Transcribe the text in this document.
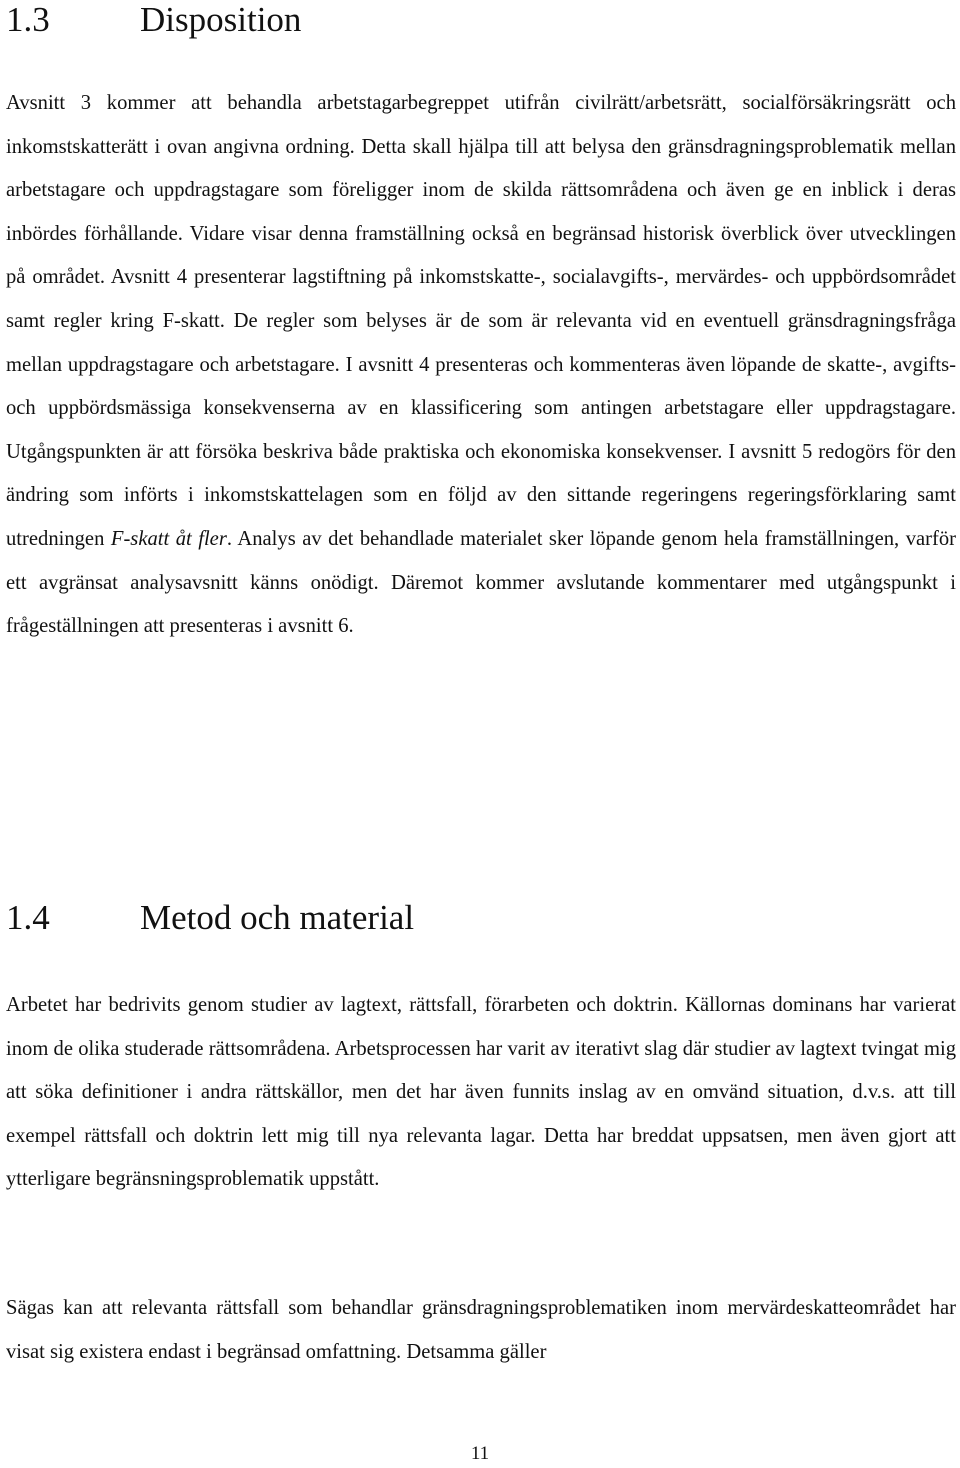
1.3	Disposition

Avsnitt 3 kommer att behandla arbetstagarbegreppet utifrån civilrätt/arbetsrätt, socialförsäkringsrätt och inkomstskatterätt i ovan angivna ordning. Detta skall hjälpa till att belysa den gränsdragningsproblematik mellan arbetstagare och uppdragstagare som föreligger inom de skilda rättsområdena och även ge en inblick i deras inbördes förhållande. Vidare visar denna framställning också en begränsad historisk överblick över utvecklingen på området. Avsnitt 4 presenterar lagstiftning på inkomstskatte-, socialavgifts-, mervärdes- och uppbördsområdet samt regler kring F-skatt. De regler som belyses är de som är relevanta vid en eventuell gränsdragningsfråga mellan uppdragstagare och arbetstagare. I avsnitt 4 presenteras och kommenteras även löpande de skatte-, avgifts- och uppbördsmässiga konsekvenserna av en klassificering som antingen arbetstagare eller uppdragstagare. Utgångspunkten är att försöka beskriva både praktiska och ekonomiska konsekvenser. I avsnitt 5 redogörs för den ändring som införts i inkomstskattelagen som en följd av den sittande regeringens regeringsförklaring samt utredningen F-skatt åt fler. Analys av det behandlade materialet sker löpande genom hela framställningen, varför ett avgränsat analysavsnitt känns onödigt. Däremot kommer avslutande kommentarer med utgångspunkt i frågeställningen att presenteras i avsnitt 6.

1.4	Metod och material

Arbetet har bedrivits genom studier av lagtext, rättsfall, förarbeten och doktrin. Källornas dominans har varierat inom de olika studerade rättsområdena. Arbetsprocessen har varit av iterativt slag där studier av lagtext tvingat mig att söka definitioner i andra rättskällor, men det har även funnits inslag av en omvänd situation, d.v.s. att till exempel rättsfall och doktrin lett mig till nya relevanta lagar. Detta har breddat uppsatsen, men även gjort att ytterligare begränsningsproblematik uppstått.

Sägas kan att relevanta rättsfall som behandlar gränsdragningsproblematiken inom mervärdeskatteområdet har visat sig existera endast i begränsad omfattning. Detsamma gäller

11
